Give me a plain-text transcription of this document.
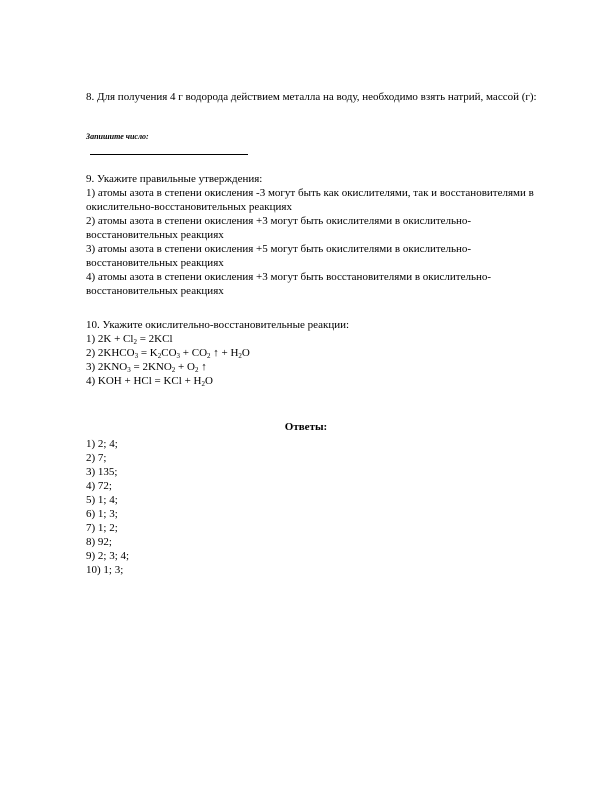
8. Для получения 4 г водорода действием металла на воду, необходимо взять натрий, массой (г):
Запишите число:
9. Укажите правильные утверждения:
1) атомы азота в степени окисления -3 могут быть как окислителями, так и восстановителями в окислительно-восстановительных реакциях
2) атомы азота в степени окисления +3 могут быть окислителями в окислительно-восстановительных реакциях
3) атомы азота в степени окисления +5 могут быть окислителями в окислительно-восстановительных реакциях
4) атомы азота в степени окисления +3 могут быть восстановителями в окислительно-восстановительных реакциях
10. Укажите окислительно-восстановительные реакции:
1) $2K + Cl_2 = 2KCl$
2) $2KHCO_3 = K_2CO_3 + CO_2$ ↑ + $H_2O$
3) $2KNO_3 = 2KNO_2 + O_2$ ↑
4) KOH + HCl = KCl + $H_2O$
Ответы:
1) 2; 4;
2) 7;
3) 135;
4) 72;
5) 1; 4;
6) 1; 3;
7) 1; 2;
8) 92;
9) 2; 3; 4;
10) 1; 3;
